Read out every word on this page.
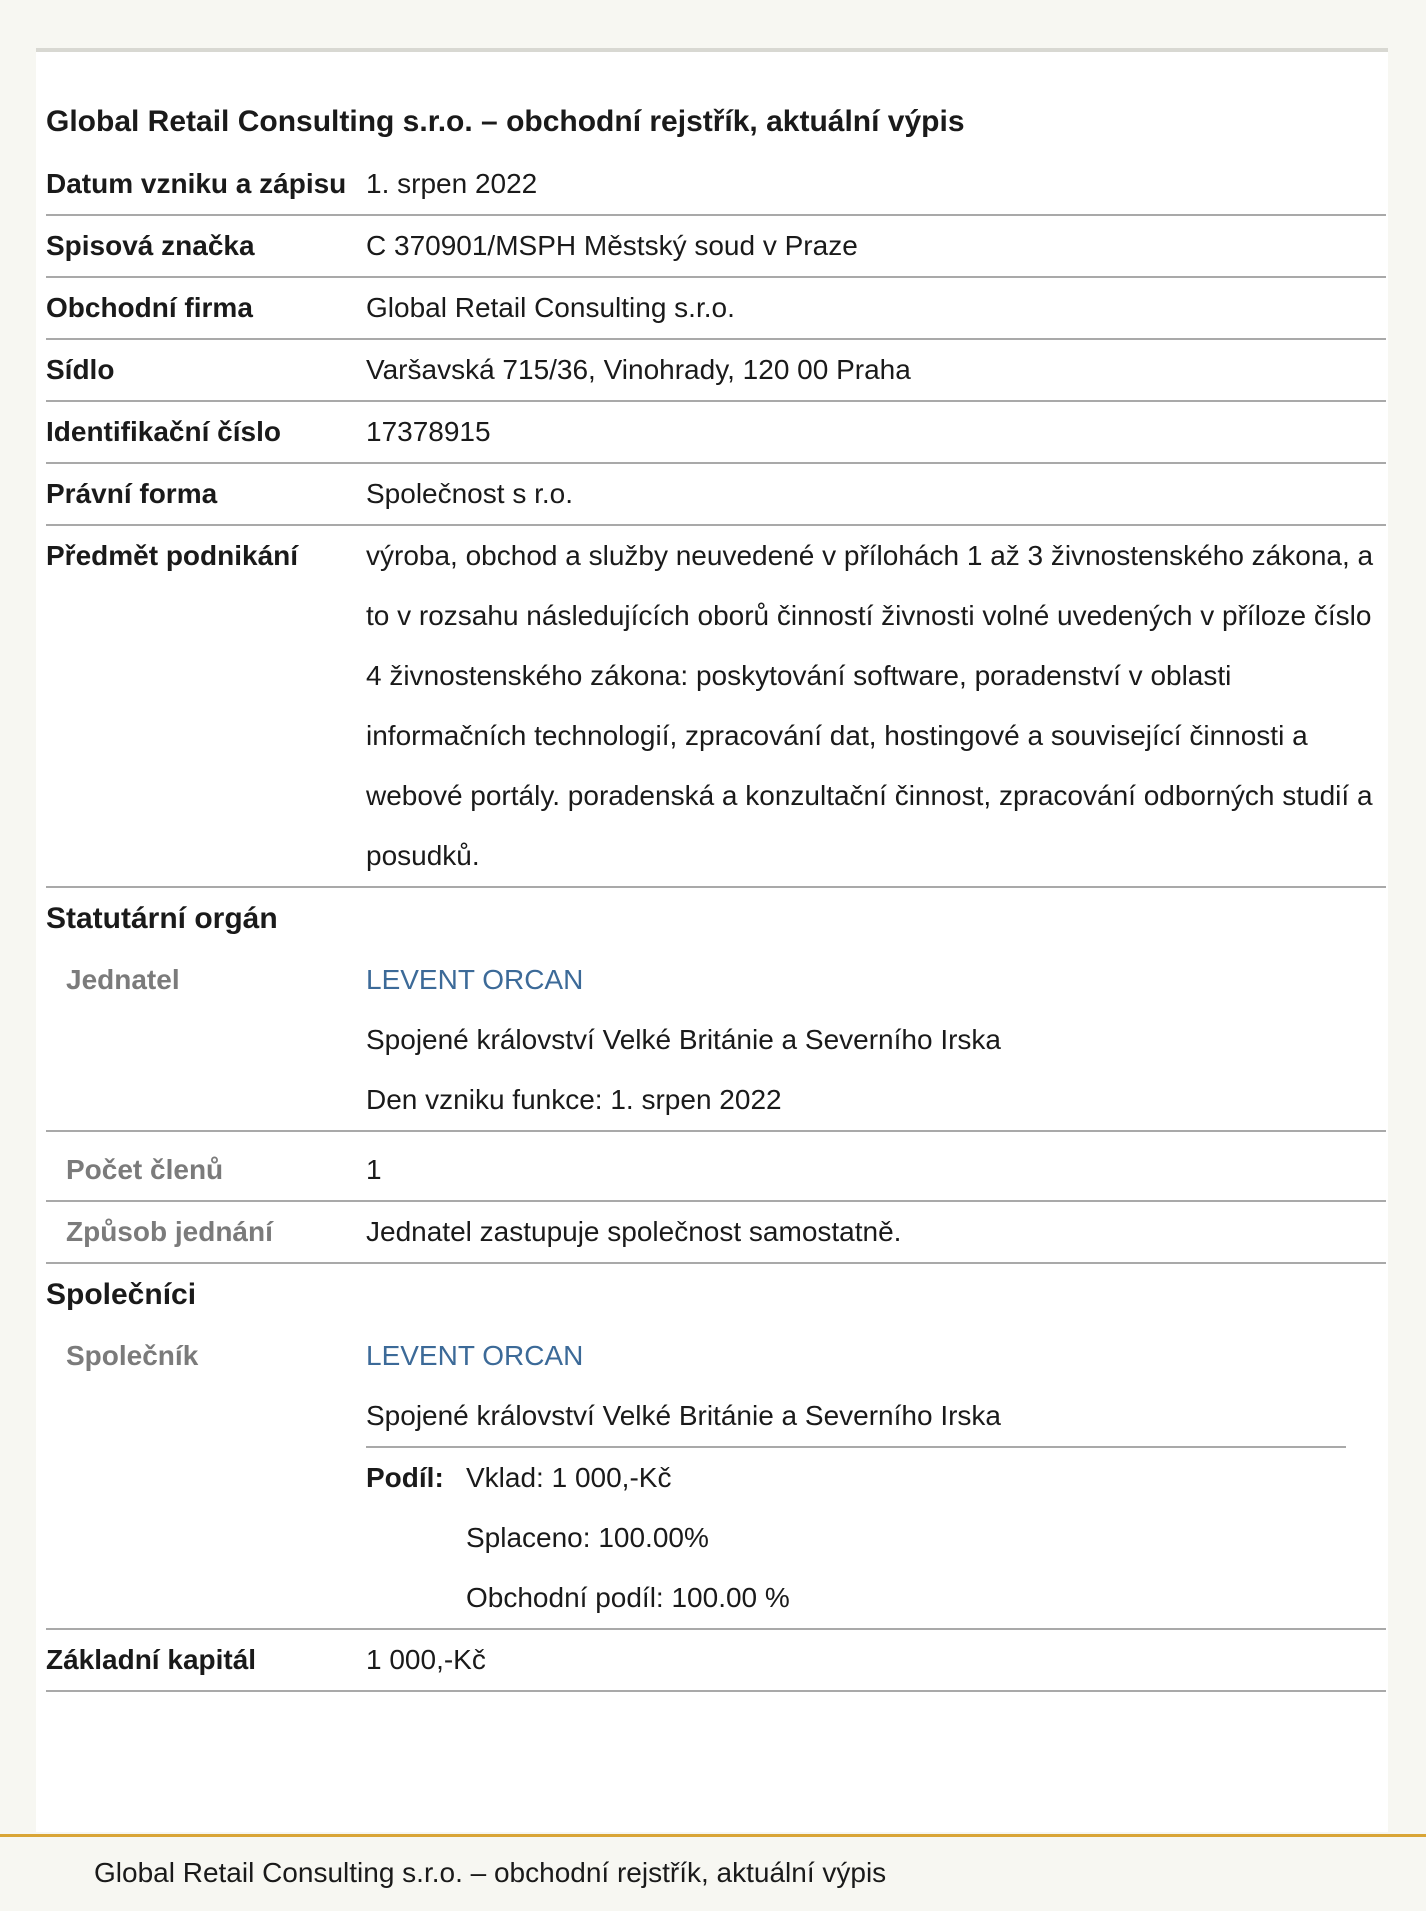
Global Retail Consulting s.r.o. – obchodní rejstřík, aktuální výpis
Datum vzniku a zápisu 1. srpen 2022
Spisová značka	C 370901/MSPH Městský soud v Praze
Obchodní firma	Global Retail Consulting s.r.o.
Sídlo	Varšavská 715/36, Vinohrady, 120 00 Praha
Identifikační číslo	17378915
Právní forma	Společnost s r.o.
Předmět podnikání	výroba, obchod a služby neuvedené v přílohách 1 až 3 živnostenského zákona, a to v rozsahu následujících oborů činností živnosti volné uvedených v příloze číslo 4 živnostenského zákona: poskytování software, poradenství v oblasti informačních technologií, zpracování dat, hostingové a související činnosti a webové portály. poradenská a konzultační činnost, zpracování odborných studií a posudků.
Statutární orgán
Jednatel	LEVENT ORCAN
Spojené království Velké Británie a Severního Irska
Den vzniku funkce: 1. srpen 2022
Počet členů	1
Způsob jednání	Jednatel zastupuje společnost samostatně.
Společníci
Společník	LEVENT ORCAN
Spojené království Velké Británie a Severního Irska
Podíl: Vklad: 1 000,-Kč
Splaceno: 100.00%
Obchodní podíl: 100.00 %
Základní kapitál	1 000,-Kč
Global Retail Consulting s.r.o. – obchodní rejstřík, aktuální výpis
